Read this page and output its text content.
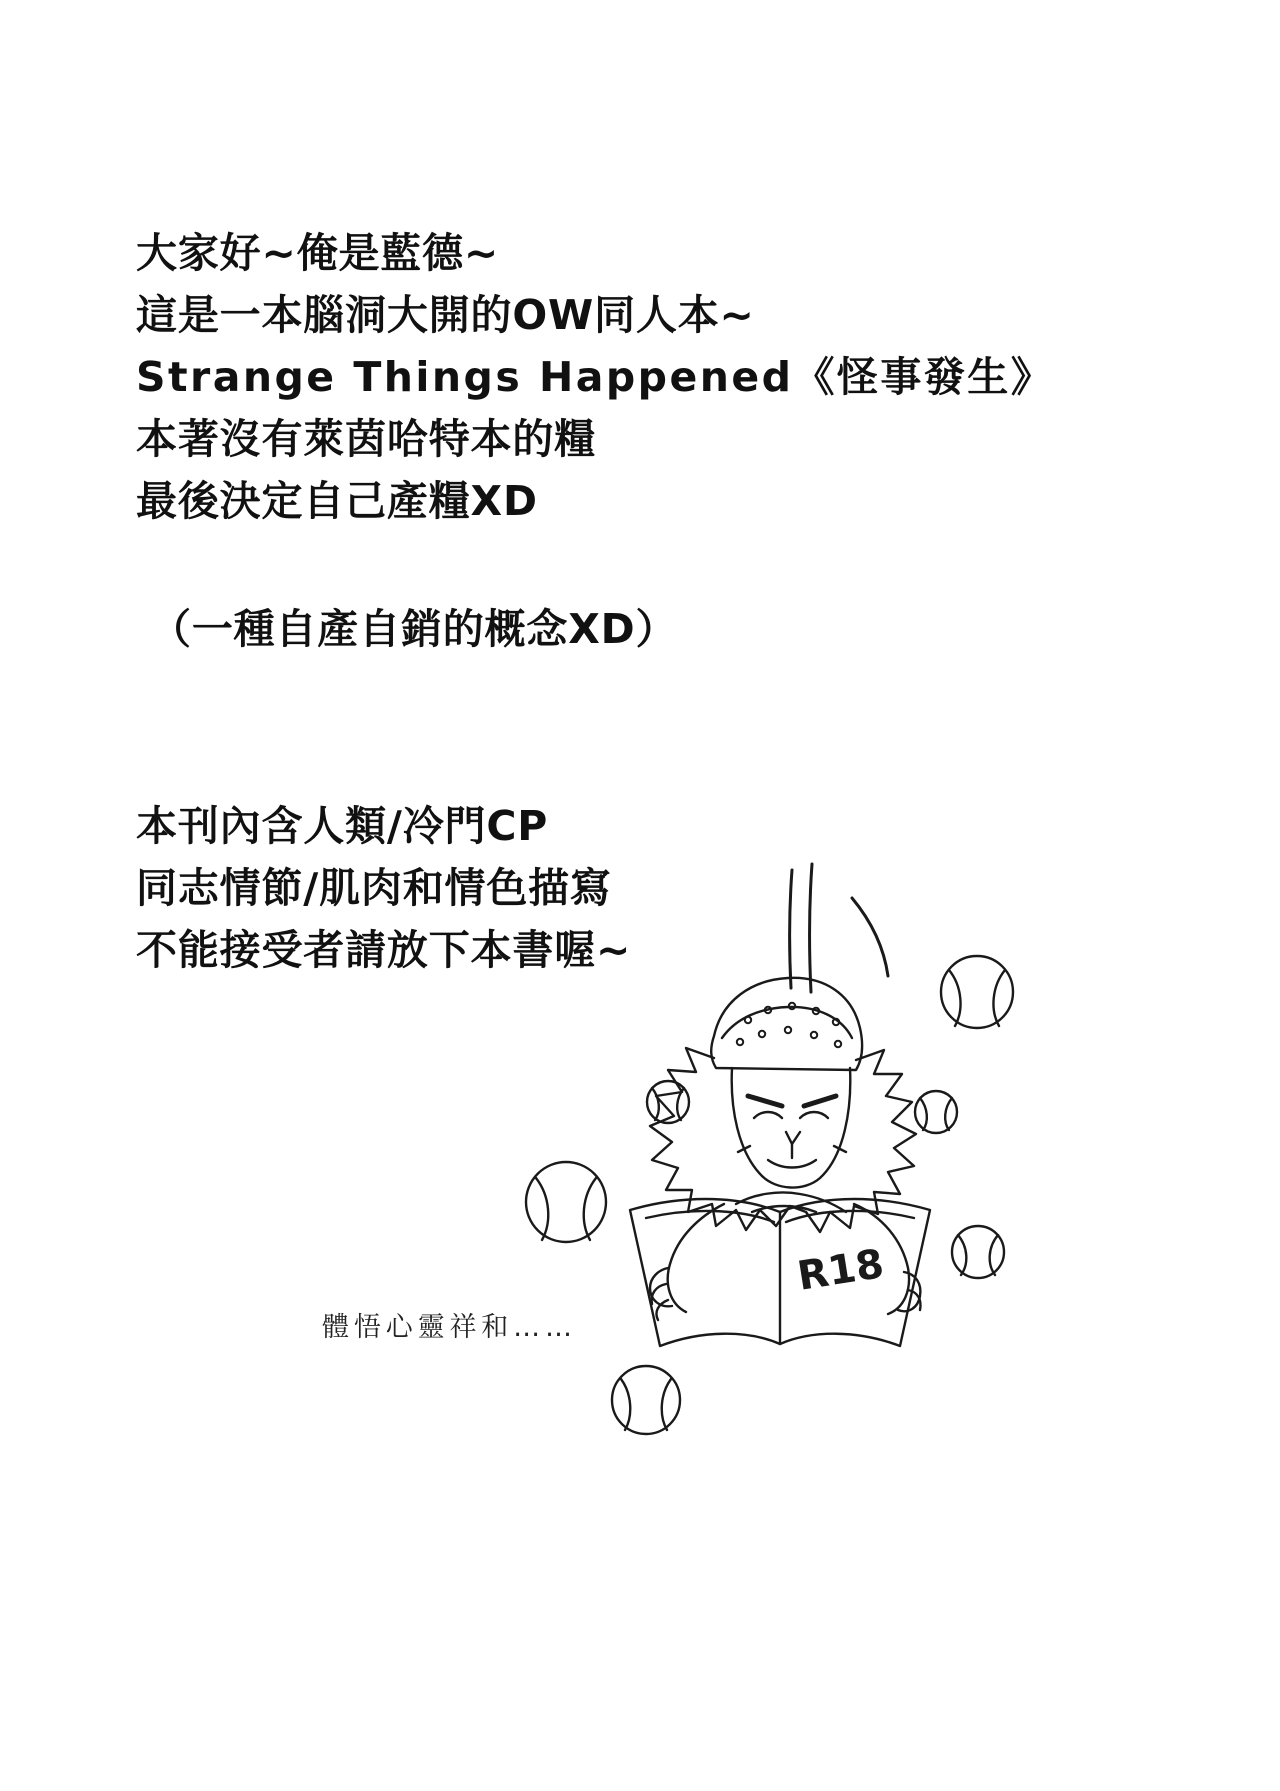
大家好~俺是藍德~
這是一本腦洞大開的OW同人本~
Strange Things Happened《怪事發生》
本著沒有萊茵哈特本的糧
最後決定自己產糧XD
（一種自產自銷的概念XD）
本刊內含人類/冷門CP
同志情節/肌肉和情色描寫
不能接受者請放下本書喔~
體悟心靈祥和……
R18
